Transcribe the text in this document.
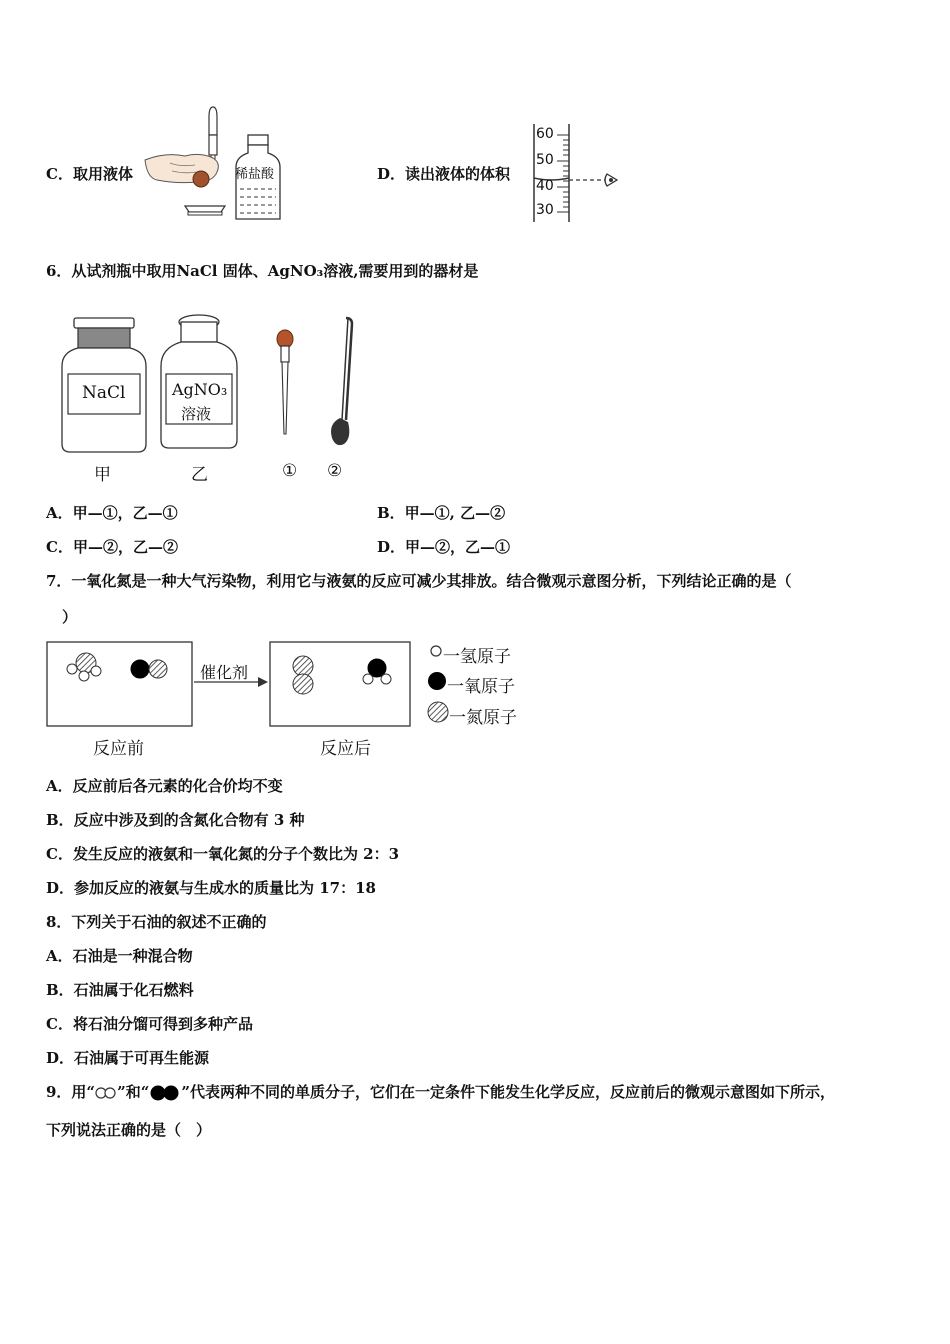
C．取用液体	稀盐酸	D．读出液体的体积
60
50
40
30
6．从试剂瓶中取用NaCl 固体、AgNO₃溶液,需要用到的器材是
NaCl	AgNO₃
溶液
甲	乙	① ②
A．甲—①，乙—①	B．甲—①, 乙—②
C．甲—②，乙—②	D．甲—②，乙—①
7．一氧化氮是一种大气污染物，利用它与液氨的反应可减少其排放。结合微观示意图分析，下列结论正确的是（
）
催化剂
反应前	反应后
一氢原子
一氧原子
一氮原子
A．反应前后各元素的化合价均不变
B．反应中涉及到的含氮化合物有 3 种
C．发生反应的液氨和一氧化氮的分子个数比为 2：3
D．参加反应的液氨与生成水的质量比为 17：18
8．下列关于石油的叙述不正确的
A．石油是一种混合物
B．石油属于化石燃料
C．将石油分馏可得到多种产品
D．石油属于可再生能源
9．用“ ”和“ ”代表两种不同的单质分子，它们在一定条件下能发生化学反应，反应前后的微观示意图如下所示，
下列说法正确的是（　）
